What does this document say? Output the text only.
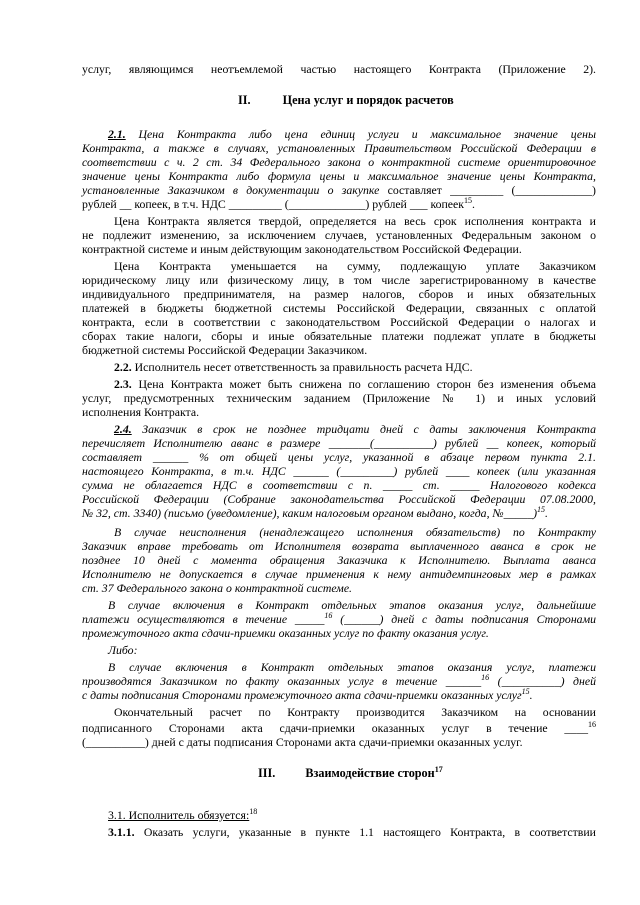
услуг, являющимся неотъемлемой частью настоящего Контракта (Приложение 2).
II.	Цена услуг и порядок расчетов
2.1. Цена Контракта либо цена единиц услуги и максимальное значение цены
Контракта, а также в случаях, установленных Правительством Российской Федерации в
соответствии с ч. 2 ст. 34 Федерального закона о контрактной системе ориентировочное
значение цены Контракта либо формула цены и максимальное значение цены Контракта,
установленные Заказчиком в документации о закупке составляет _________ (_____________)
рублей __ копеек, в т.ч. НДС _________ (_____________) рублей ___ копеек$^{15}$.
Цена Контракта является твердой, определяется на весь срок исполнения контракта и
не подлежит изменению, за исключением случаев, установленных Федеральным законом о
контрактной системе и иным действующим законодательством Российской Федерации.
Цена Контракта уменьшается на сумму, подлежащую уплате Заказчиком
юридическому лицу или физическому лицу, в том числе зарегистрированному в качестве
индивидуального предпринимателя, на размер налогов, сборов и иных обязательных
платежей в бюджеты бюджетной системы Российской Федерации, связанных с оплатой
контракта, если в соответствии с законодательством Российской Федерации о налогах и
сборах такие налоги, сборы и иные обязательные платежи подлежат уплате в бюджеты
бюджетной системы Российской Федерации Заказчиком.
2.2. Исполнитель несет ответственность за правильность расчета НДС.
2.3. Цена Контракта может быть снижена по соглашению сторон без изменения объема
услуг, предусмотренных техническим заданием (Приложение № 1) и иных условий
исполнения Контракта.
2.4. Заказчик в срок не позднее тридцати дней с даты заключения Контракта
перечисляет Исполнителю аванс в размере _______(__________) рублей __ копеек, который
составляет ______ % от общей цены услуг, указанной в абзаце первом пункта 2.1.
настоящего Контракта, в т.ч. НДС ______ (_________) рублей ____ копеек (или указанная
сумма не облагается НДС в соответствии с п. _____ ст. _____ Налогового кодекса
Российской Федерации (Собрание законодательства Российской Федерации 07.08.2000,
№ 32, ст. 3340) (письмо (уведомление), каким налоговым органом выдано, когда, №_____)$^{15}$.
В случае неисполнения (ненадлежащего исполнения обязательств) по Контракту
Заказчик вправе требовать от Исполнителя возврата выплаченного аванса в срок не
позднее 10 дней с момента обращения Заказчика к Исполнителю. Выплата аванса
Исполнителю не допускается в случае применения к нему антидемпинговых мер в рамках
ст. 37 Федерального закона о контрактной системе.
В случае включения в Контракт отдельных этапов оказания услуг, дальнейшие
платежи осуществляются в течение _____$^{16}$ (______) дней с даты подписания Сторонами
промежуточного акта сдачи-приемки оказанных услуг по факту оказания услуг.
Либо:
В случае включения в Контракт отдельных этапов оказания услуг, платежи
производятся Заказчиком по факту оказанных услуг в течение ______$^{16}$ (__________) дней
с даты подписания Сторонами промежуточного акта сдачи-приемки оказанных услуг$^{15}$.
Окончательный расчет по Контракту производится Заказчиком на основании
подписанного Сторонами акта сдачи-приемки оказанных услуг в течение ____$^{16}$
(__________) дней с даты подписания Сторонами акта сдачи-приемки оказанных услуг.
III. Взаимодействие сторон$^{17}$
3.1. Исполнитель обязуется:$^{18}$
3.1.1. Оказать услуги, указанные в пункте 1.1 настоящего Контракта, в соответствии
